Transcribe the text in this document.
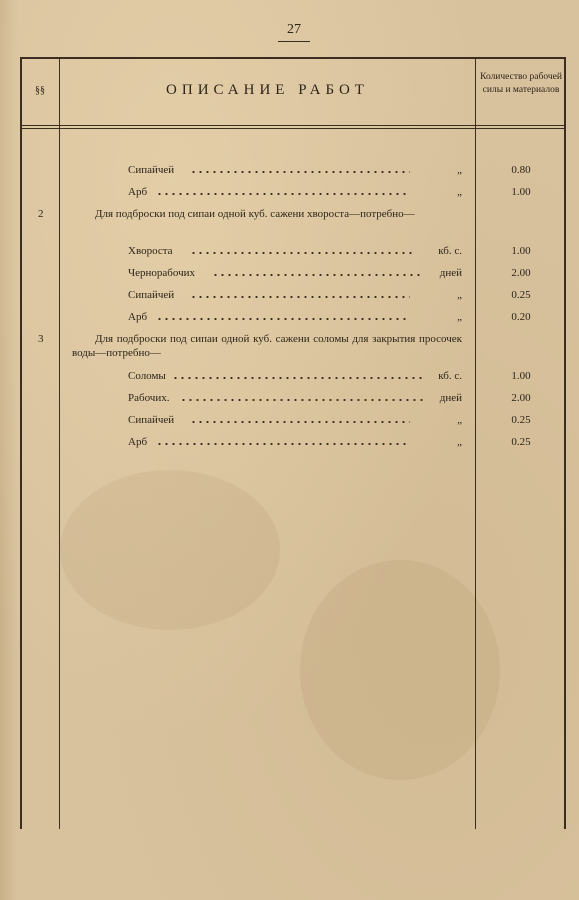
27
§§	ОПИСАНИЕ РАБОТ
Количество рабочей силы и материалов
Сипайчей	„	0.80
Арб	„	1.00
2	Для подброски под сипаи одной куб. сажени хвороста—потребно—
Хвороста	кб. с.	1.00
Чернорабочих	дней	2.00
Сипайчей	„	0.25
Арб	„	0.20
3	Для подброски под сипаи одной куб. сажени соломы для закрытия просочек воды—потребно—
Соломы	кб. с.	1.00
Рабочих.	дней	2.00
Сипайчей	„	0.25
Арб	„	0.25
